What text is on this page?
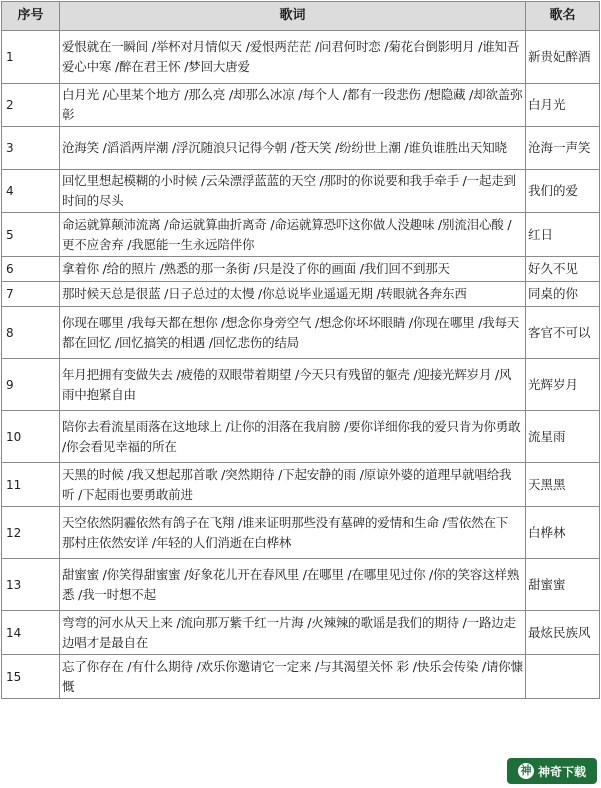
序号	歌词	歌名
1	爱恨就在一瞬间 /举杯对月情似天 /爱恨两茫茫 /问君何时恋 /菊花台倒影明月 /谁知吾爱心中寒 /醉在君王怀 /梦回大唐爱	新贵妃醉酒
2	白月光 /心里某个地方 /那么亮 /却那么冰凉 /每个人 /都有一段悲伤 /想隐藏 /却欲盖弥彰	白月光
3	沧海笑 /滔滔两岸潮 /浮沉随浪只记得今朝 /苍天笑 /纷纷世上潮 /谁负谁胜出天知晓	沧海一声笑
4	回忆里想起模糊的小时候 /云朵漂浮蓝蓝的天空 /那时的你说要和我手牵手 /一起走到时间的尽头	我们的爱
5	命运就算颠沛流离 /命运就算曲折离奇 /命运就算恐吓这你做人没趣味 /别流泪心酸 /更不应舍弃 /我愿能一生永远陪伴你	红日
6	拿着你 /给的照片 /熟悉的那一条街 /只是没了你的画面 /我们回不到那天	好久不见
7	那时候天总是很蓝 /日子总过的太慢 /你总说毕业遥遥无期 /转眼就各奔东西	同桌的你
8	你现在哪里 /我每天都在想你 /想念你身旁空气 /想念你坏坏眼睛 /你现在哪里 /我每天都在回忆 /回忆搞笑的相遇 /回忆悲伤的结局	客官不可以
9	年月把拥有变做失去 /疲倦的双眼带着期望 /今天只有残留的躯壳 /迎接光辉岁月 /风雨中抱紧自由	光辉岁月
10	陪你去看流星雨落在这地球上 /让你的泪落在我肩膀 /要你详细你我的爱只肯为你勇敢 /你会看见幸福的所在	流星雨
11	天黑的时候 /我又想起那首歌 /突然期待 /下起安静的雨 /原谅外婆的道理早就唱给我听 /下起雨也要勇敢前进	天黑黑
12	天空依然阴霾依然有鸽子在飞翔 /谁来证明那些没有墓碑的爱情和生命 /雪依然在下 那村庄依然安详 /年轻的人们消逝在白桦林	白桦林
13	甜蜜蜜 /你笑得甜蜜蜜 /好象花儿开在春风里 /在哪里 /在哪里见过你 /你的笑容这样熟悉 /我一时想不起	甜蜜蜜
14	弯弯的河水从天上来 /流向那万紫千红一片海 /火辣辣的歌谣是我们的期待 /一路边走边唱才是最自在	最炫民族风
15	忘了你存在 /有什么期待 /欢乐你邀请它一定来 /与其渴望关怀 彩 /快乐会传染 /请你慷慨	
神 神奇下载
